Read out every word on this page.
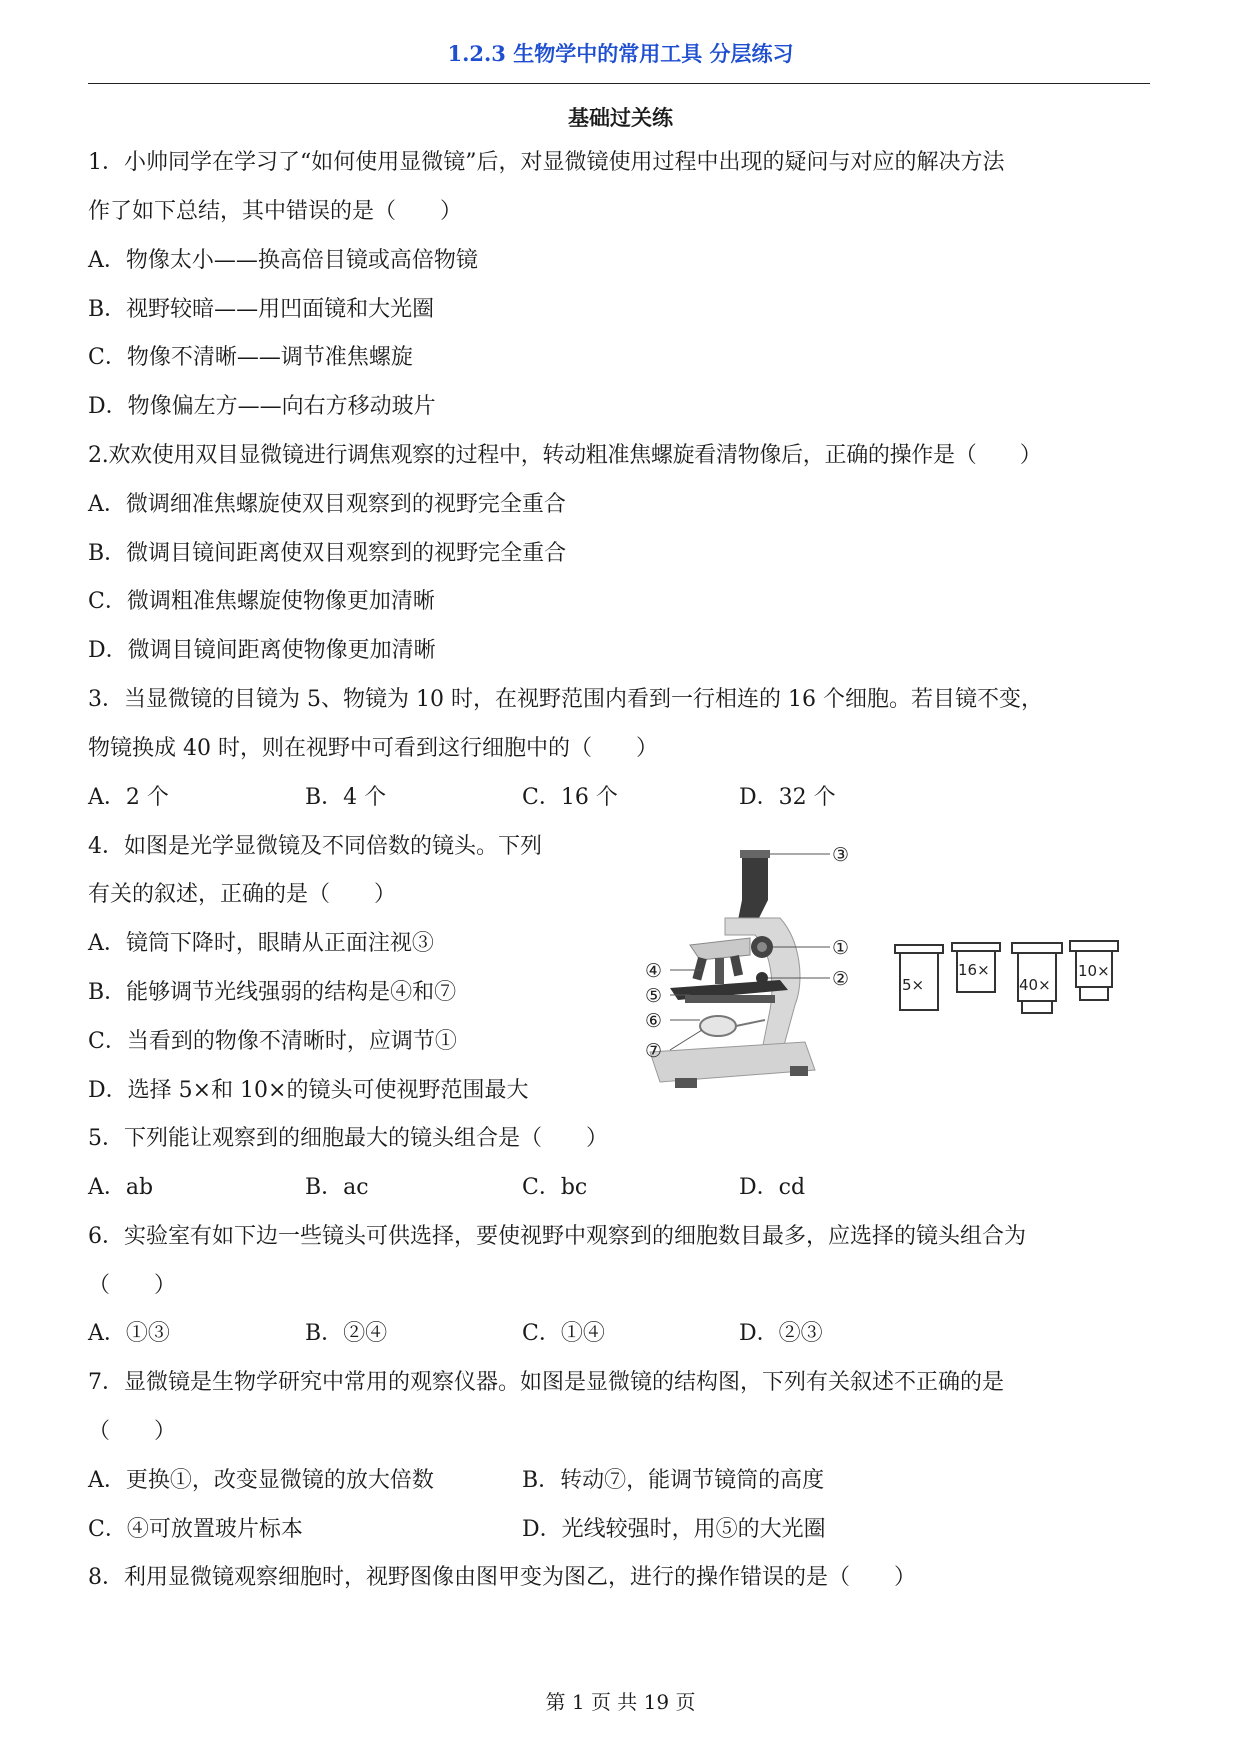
1.2.3 生物学中的常用工具 分层练习
基础过关练
1．小帅同学在学习了“如何使用显微镜”后，对显微镜使用过程中出现的疑问与对应的解决方法
作了如下总结，其中错误的是（　　）
A．物像太小——换高倍目镜或高倍物镜
B．视野较暗——用凹面镜和大光圈
C．物像不清晰——调节准焦螺旋
D．物像偏左方——向右方移动玻片
2.欢欢使用双目显微镜进行调焦观察的过程中，转动粗准焦螺旋看清物像后，正确的操作是（　　）
A．微调细准焦螺旋使双目观察到的视野完全重合
B．微调目镜间距离使双目观察到的视野完全重合
C．微调粗准焦螺旋使物像更加清晰
D．微调目镜间距离使物像更加清晰
3．当显微镜的目镜为 5、物镜为 10 时，在视野范围内看到一行相连的 16 个细胞。若目镜不变，
物镜换成 40 时，则在视野中可看到这行细胞中的（　　）
A．2 个	B．4 个	C．16 个	D．32 个
4．如图是光学显微镜及不同倍数的镜头。下列
有关的叙述，正确的是（　　）
A．镜筒下降时，眼睛从正面注视③
B．能够调节光线强弱的结构是④和⑦
C．当看到的物像不清晰时，应调节①
D．选择 5×和 10×的镜头可使视野范围最大
③
①
②
④
⑤
⑥
⑦
5×
16×
40×
10×
5．下列能让观察到的细胞最大的镜头组合是（　　）
A．ab	B．ac	C．bc	D．cd
6．实验室有如下边一些镜头可供选择，要使视野中观察到的细胞数目最多，应选择的镜头组合为
（　　）
A．①③	B．②④	C．①④	D．②③
7．显微镜是生物学研究中常用的观察仪器。如图是显微镜的结构图，下列有关叙述不正确的是
（　　）
A．更换①，改变显微镜的放大倍数	B．转动⑦，能调节镜筒的高度
C．④可放置玻片标本	D．光线较强时，用⑤的大光圈
8．利用显微镜观察细胞时，视野图像由图甲变为图乙，进行的操作错误的是（　　）
第 1 页 共 19 页
